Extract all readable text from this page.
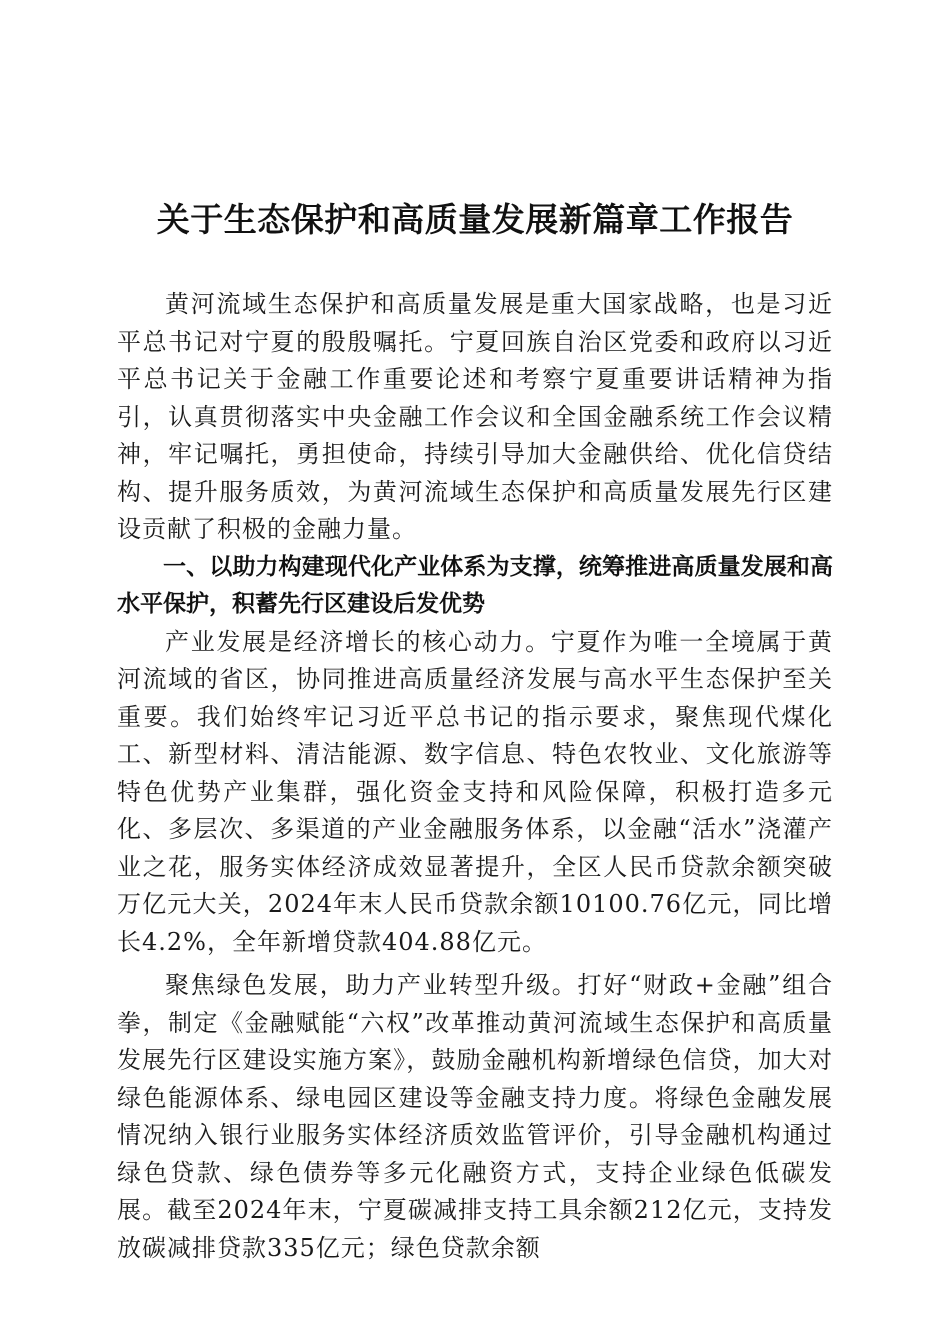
关于生态保护和高质量发展新篇章工作报告

黄河流域生态保护和高质量发展是重大国家战略，也是习近平总书记对宁夏的殷殷嘱托。宁夏回族自治区党委和政府以习近平总书记关于金融工作重要论述和考察宁夏重要讲话精神为指引，认真贯彻落实中央金融工作会议和全国金融系统工作会议精神，牢记嘱托，勇担使命，持续引导加大金融供给、优化信贷结构、提升服务质效，为黄河流域生态保护和高质量发展先行区建设贡献了积极的金融力量。

一、以助力构建现代化产业体系为支撑，统筹推进高质量发展和高水平保护，积蓄先行区建设后发优势

产业发展是经济增长的核心动力。宁夏作为唯一全境属于黄河流域的省区，协同推进高质量经济发展与高水平生态保护至关重要。我们始终牢记习近平总书记的指示要求，聚焦现代煤化工、新型材料、清洁能源、数字信息、特色农牧业、文化旅游等特色优势产业集群，强化资金支持和风险保障，积极打造多元化、多层次、多渠道的产业金融服务体系，以金融“活水”浇灌产业之花，服务实体经济成效显著提升，全区人民币贷款余额突破万亿元大关，2024年末人民币贷款余额10100.76亿元，同比增长4.2%，全年新增贷款404.88亿元。

聚焦绿色发展，助力产业转型升级。打好“财政+金融”组合拳，制定《金融赋能“六权”改革推动黄河流域生态保护和高质量发展先行区建设实施方案》，鼓励金融机构新增绿色信贷，加大对绿色能源体系、绿电园区建设等金融支持力度。将绿色金融发展情况纳入银行业服务实体经济质效监管评价，引导金融机构通过绿色贷款、绿色债券等多元化融资方式，支持企业绿色低碳发展。截至2024年末，宁夏碳减排支持工具余额212亿元，支持发放碳减排贷款335亿元；绿色贷款余额
